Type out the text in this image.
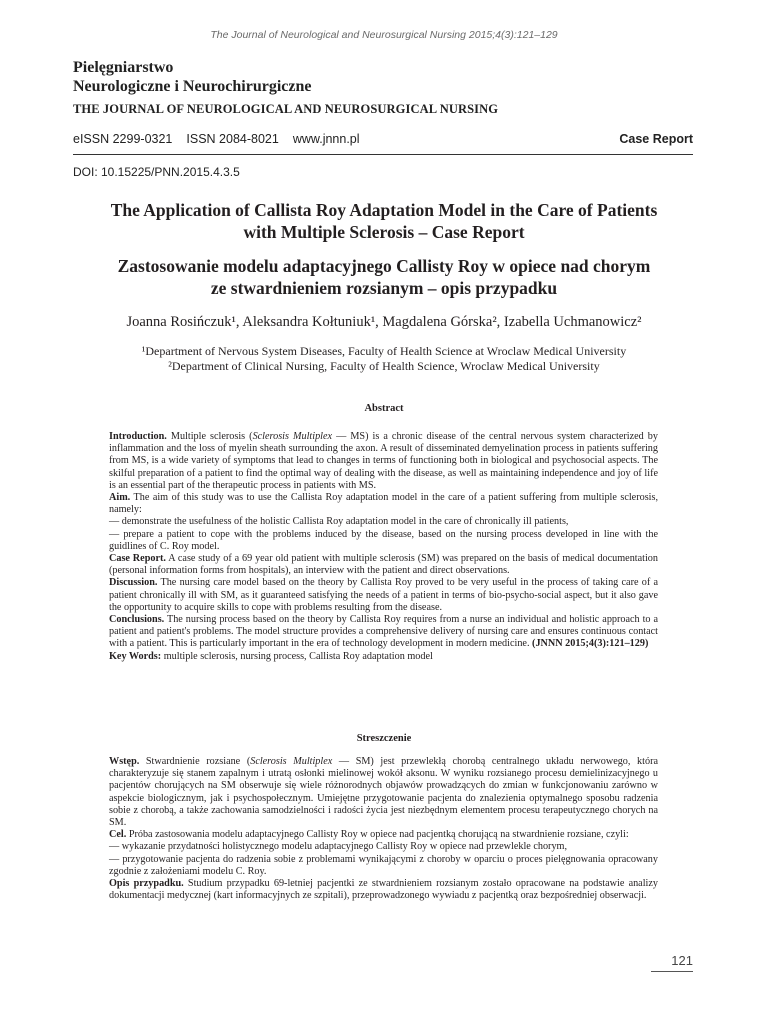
The Journal of Neurological and Neurosurgical Nursing 2015;4(3):121–129
Pielęgniarstwo
Neurologiczne i Neurochirurgiczne
THE JOURNAL OF NEUROLOGICAL AND NEUROSURGICAL NURSING
eISSN 2299-0321 ISSN 2084-8021 www.jnnn.pl	Case Report
DOI: 10.15225/PNN.2015.4.3.5
The Application of Callista Roy Adaptation Model in the Care of Patients
with Multiple Sclerosis – Case Report
Zastosowanie modelu adaptacyjnego Callisty Roy w opiece nad chorym
ze stwardnieniem rozsianym – opis przypadku
Joanna Rosińczuk¹, Aleksandra Kołtuniuk¹, Magdalena Górska², Izabella Uchmanowicz²
¹Department of Nervous System Diseases, Faculty of Health Science at Wroclaw Medical University
²Department of Clinical Nursing, Faculty of Health Science, Wroclaw Medical University
Abstract

Introduction. Multiple sclerosis (Sclerosis Multiplex — MS) is a chronic disease of the central nervous system characterized by inflammation and the loss of myelin sheath surrounding the axon. A result of disseminated demyelination process in patients suffering from MS, is a wide variety of symptoms that lead to changes in terms of functioning both in biological and psychosocial aspects. The skilful preparation of a patient to find the optimal way of dealing with the disease, as well as maintaining independence and joy of life is an essential part of the therapeutic process in patients with MS.

Aim. The aim of this study was to use the Callista Roy adaptation model in the care of a patient suffering from multiple sclerosis, namely:

— demonstrate the usefulness of the holistic Callista Roy adaptation model in the care of chronically ill patients,

— prepare a patient to cope with the problems induced by the disease, based on the nursing process developed in line with the guidlines of C. Roy model.

Case Report. A case study of a 69 year old patient with multiple sclerosis (SM) was prepared on the basis of medical documentation (personal information forms from hospitals), an interview with the patient and direct observations.

Discussion. The nursing care model based on the theory by Callista Roy proved to be very useful in the process of taking care of a patient chronically ill with SM, as it guaranteed satisfying the needs of a patient in terms of bio-psycho-social aspect, but it also gave the opportunity to acquire skills to cope with problems resulting from the disease.

Conclusions. The nursing process based on the theory by Callista Roy requires from a nurse an individual and holistic approach to a patient and patient's problems. The model structure provides a comprehensive delivery of nursing care and ensures continuous contact with a patient. This is particularly important in the era of technology development in modern medicine. (JNNN 2015;4(3):121–129)

Key Words: multiple sclerosis, nursing process, Callista Roy adaptation model

Streszczenie

Wstęp. Stwardnienie rozsiane (Sclerosis Multiplex — SM) jest przewlekłą chorobą centralnego układu nerwowego, która charakteryzuje się stanem zapalnym i utratą osłonki mielinowej wokół aksonu. W wyniku rozsianego procesu demielinizacyjnego u pacjentów chorujących na SM obserwuje się wiele różnorodnych objawów prowadzących do zmian w funkcjonowaniu zarówno w aspekcie biologicznym, jak i psychospołecznym. Umiejętne przygotowanie pacjenta do znalezienia optymalnego sposobu radzenia sobie z chorobą, a także zachowania samodzielności i radości życia jest niezbędnym elementem procesu terapeutycznego chorych na SM.

Cel. Próba zastosowania modelu adaptacyjnego Callisty Roy w opiece nad pacjentką chorującą na stwardnienie rozsiane, czyli:

— wykazanie przydatności holistycznego modelu adaptacyjnego Callisty Roy w opiece nad przewlekle chorym,

— przygotowanie pacjenta do radzenia sobie z problemami wynikającymi z choroby w oparciu o proces pielęgnowania opracowany zgodnie z założeniami modelu C. Roy.

Opis przypadku. Studium przypadku 69-letniej pacjentki ze stwardnieniem rozsianym zostało opracowane na podstawie analizy dokumentacji medycznej (kart informacyjnych ze szpitali), przeprowadzonego wywiadu z pacjentką oraz bezpośredniej obserwacji.

121
